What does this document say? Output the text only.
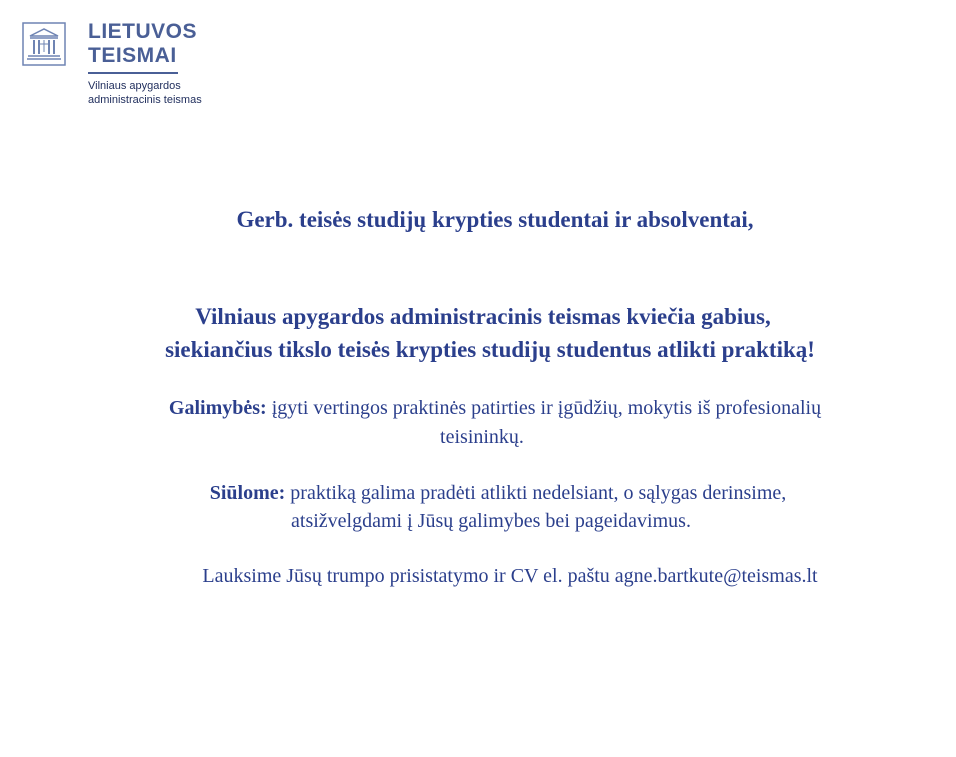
LIETUVOS
TEISMAI
Vilniaus apygardos
administracinis teismas
Gerb. teisės studijų krypties studentai ir absolventai,
Vilniaus apygardos administracinis teismas kviečia gabius,
siekiančius tikslo teisės krypties studijų studentus atlikti praktiką!
Galimybės: įgyti vertingos praktinės patirties ir įgūdžių, mokytis iš profesionalių
teisininkų.
Siūlome: praktiką galima pradėti atlikti nedelsiant, o sąlygas derinsime,
atsižvelgdami į Jūsų galimybes bei pageidavimus.
Lauksime Jūsų trumpo prisistatymo ir CV el. paštu agne.bartkute@teismas.lt
